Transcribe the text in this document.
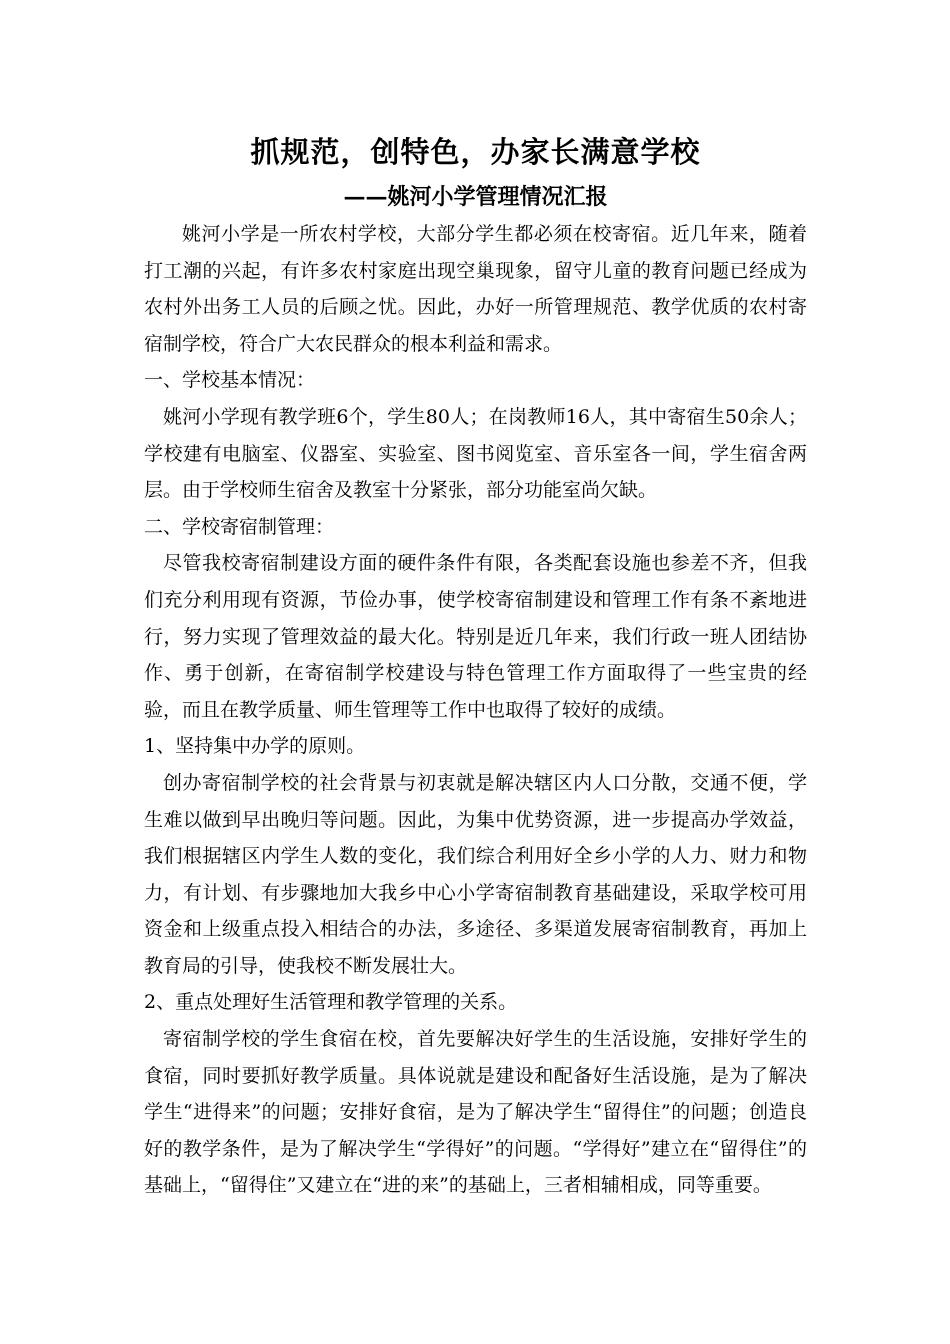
抓规范，创特色，办家长满意学校
——姚河小学管理情况汇报

姚河小学是一所农村学校，大部分学生都必须在校寄宿。近几年来，随着打工潮的兴起，有许多农村家庭出现空巢现象，留守儿童的教育问题已经成为农村外出务工人员的后顾之忧。因此，办好一所管理规范、教学优质的农村寄宿制学校，符合广大农民群众的根本利益和需求。

一、学校基本情况：

姚河小学现有教学班6个，学生80人；在岗教师16人，其中寄宿生50余人；学校建有电脑室、仪器室、实验室、图书阅览室、音乐室各一间，学生宿舍两层。由于学校师生宿舍及教室十分紧张，部分功能室尚欠缺。

二、学校寄宿制管理：

尽管我校寄宿制建设方面的硬件条件有限，各类配套设施也参差不齐，但我们充分利用现有资源，节俭办事，使学校寄宿制建设和管理工作有条不紊地进行，努力实现了管理效益的最大化。特别是近几年来，我们行政一班人团结协作、勇于创新，在寄宿制学校建设与特色管理工作方面取得了一些宝贵的经验，而且在教学质量、师生管理等工作中也取得了较好的成绩。

1、坚持集中办学的原则。

创办寄宿制学校的社会背景与初衷就是解决辖区内人口分散，交通不便，学生难以做到早出晚归等问题。因此，为集中优势资源，进一步提高办学效益，我们根据辖区内学生人数的变化，我们综合利用好全乡小学的人力、财力和物力，有计划、有步骤地加大我乡中心小学寄宿制教育基础建设，采取学校可用资金和上级重点投入相结合的办法，多途径、多渠道发展寄宿制教育，再加上教育局的引导，使我校不断发展壮大。

2、重点处理好生活管理和教学管理的关系。

寄宿制学校的学生食宿在校，首先要解决好学生的生活设施，安排好学生的食宿，同时要抓好教学质量。具体说就是建设和配备好生活设施，是为了解决学生“进得来”的问题；安排好食宿，是为了解决学生“留得住”的问题；创造良好的教学条件，是为了解决学生“学得好”的问题。“学得好”建立在“留得住”的基础上，“留得住”又建立在“进的来”的基础上，三者相辅相成，同等重要。
